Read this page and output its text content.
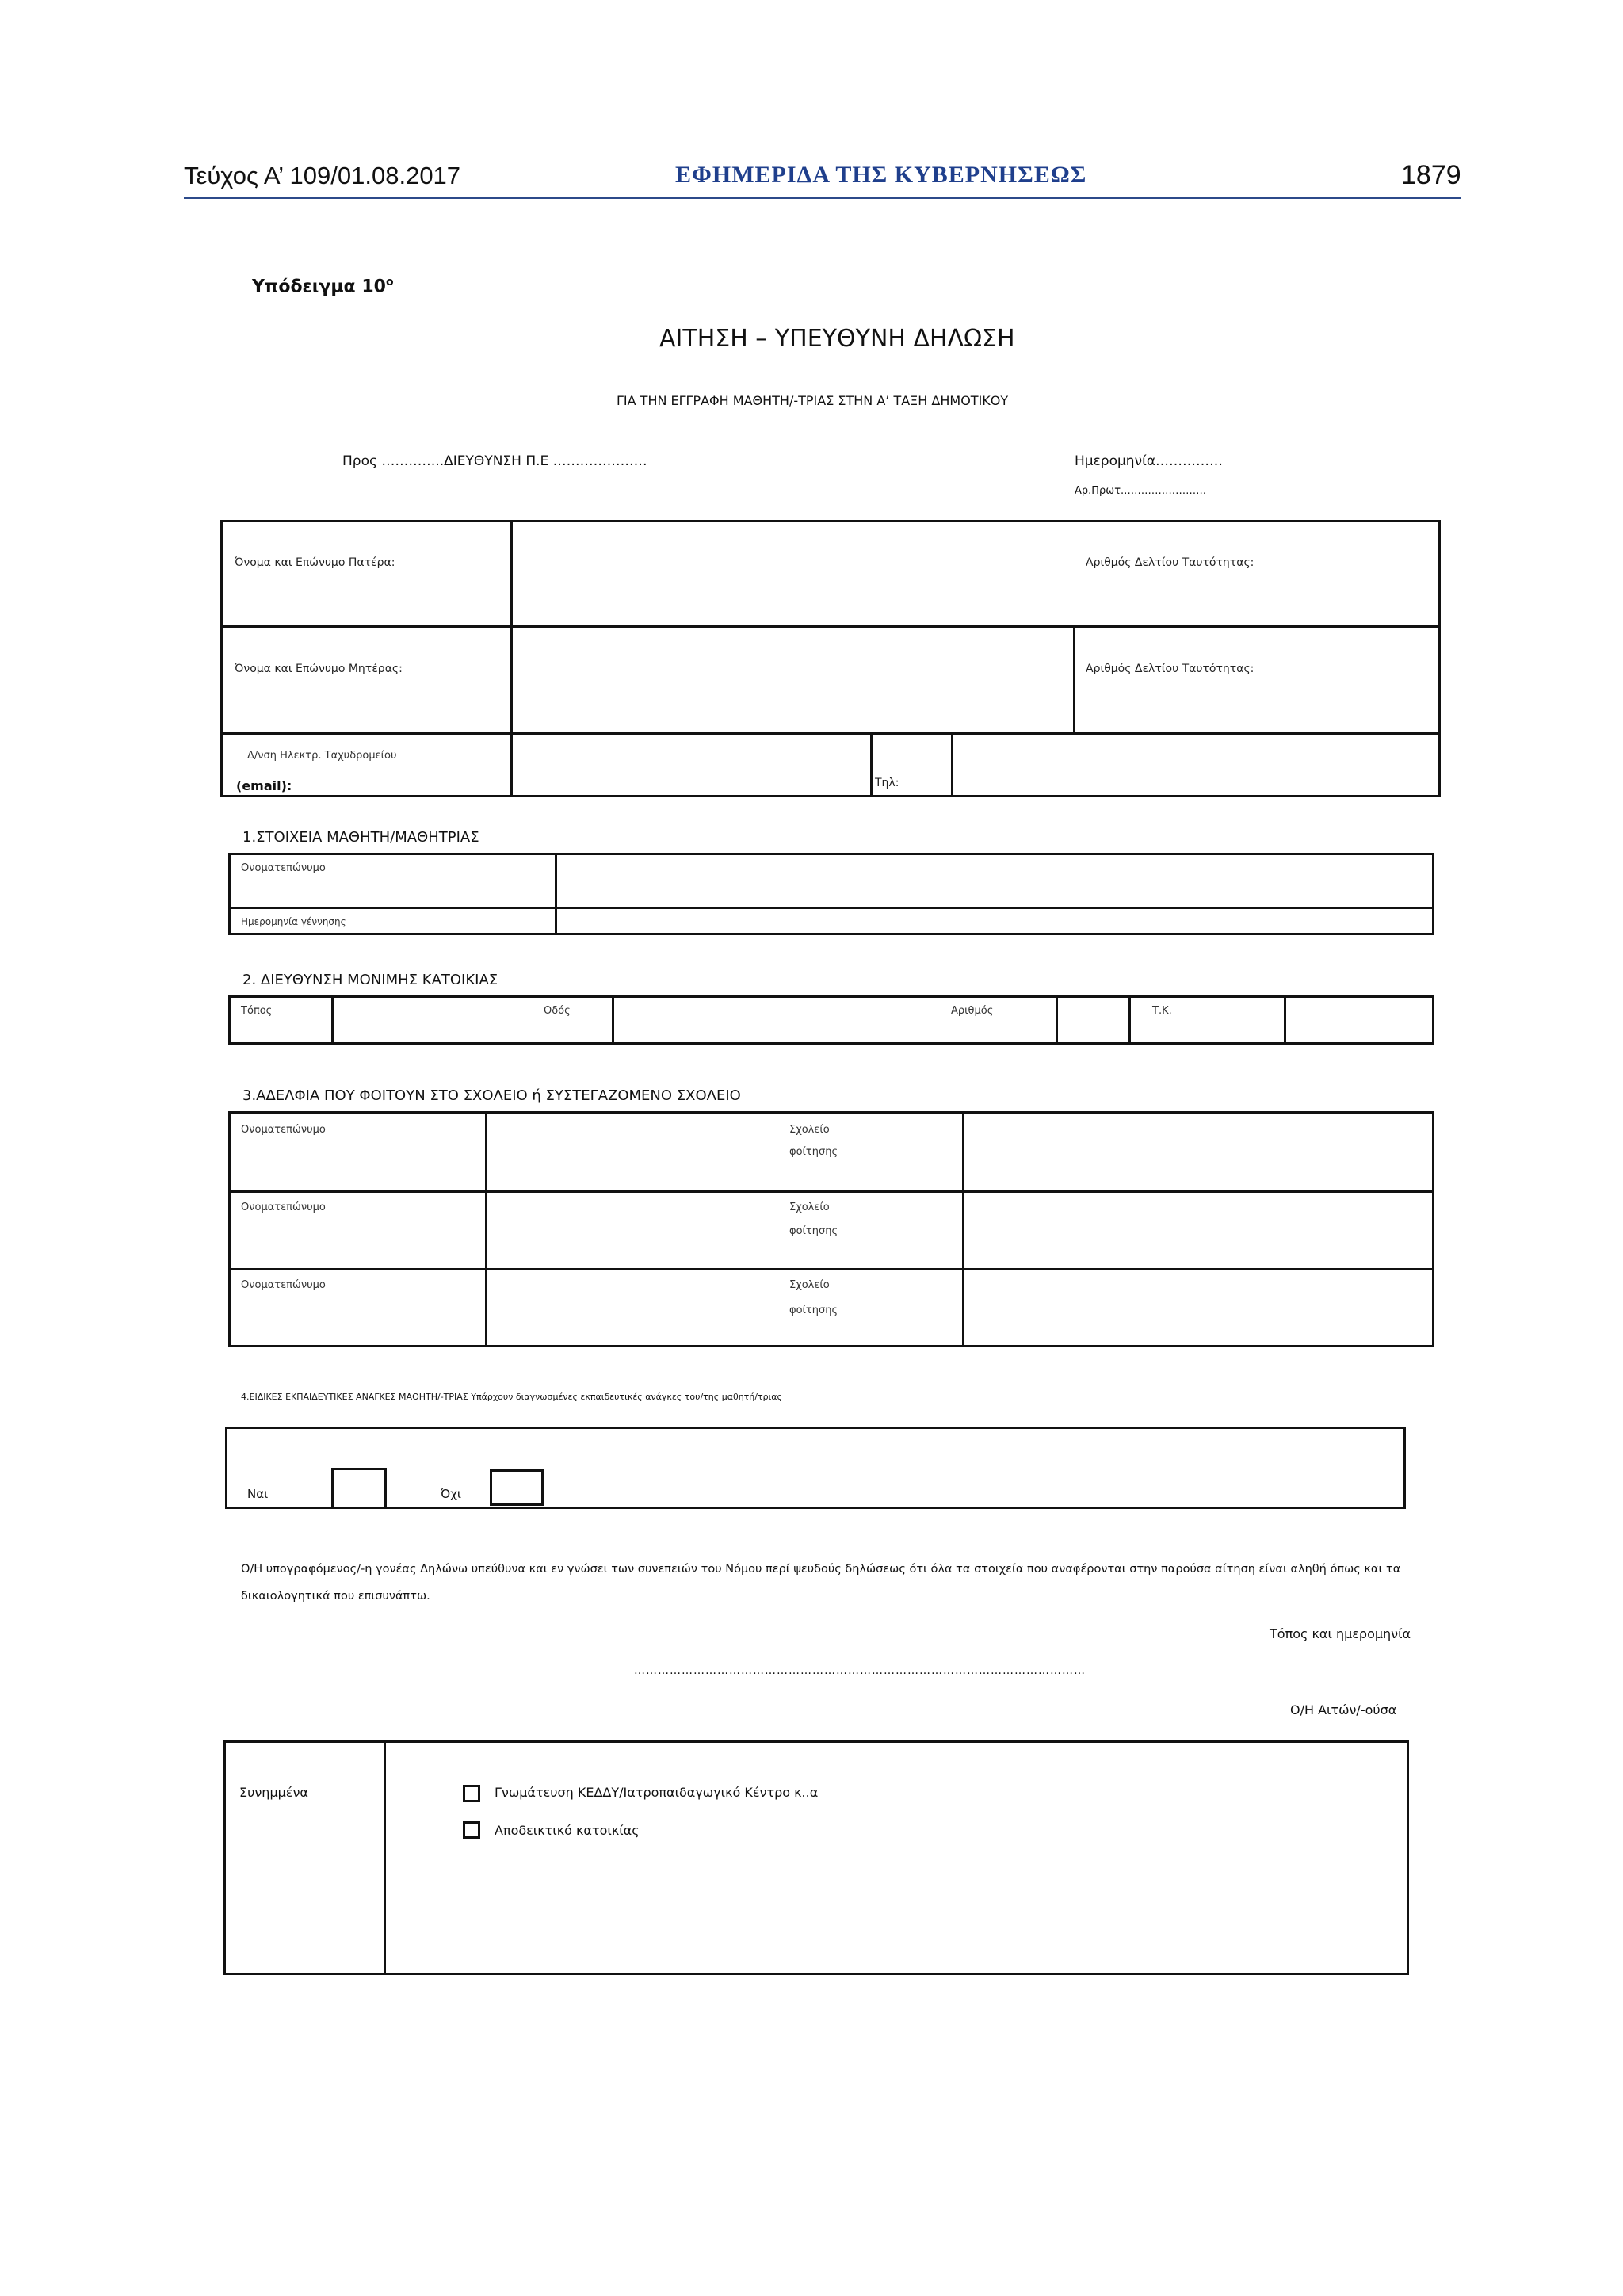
Τεύχος Α’ 109/01.08.2017	ΕΦΗΜΕΡΙΔΑ ΤΗΣ ΚΥΒΕΡΝΗΣΕΩΣ	1879
Υπόδειγμα $10^o$
ΑΙΤΗΣΗ – ΥΠΕΥΘΥΝΗ ΔΗΛΩΣΗ
ΓΙΑ ΤΗΝ ΕΓΓΡΑΦΗ ΜΑΘΗΤΗ/-ΤΡΙΑΣ ΣΤΗΝ Α’ ΤΑΞΗ ΔΗΜΟΤΙΚΟΥ
Προς …………..ΔΙΕΥΘΥΝΣΗ Π.Ε …………………	Ημερομηνία……………
Αρ.Πρωτ.……………………
Όνομα και Επώνυμο Πατέρα:	Αριθμός Δελτίου Ταυτότητας:
Όνομα και Επώνυμο Μητέρας:	Αριθμός Δελτίου Ταυτότητας:
Δ/νση Ηλεκτρ. Ταχυδρομείου
(email):	Τηλ:
1.ΣΤΟΙΧΕΙΑ ΜΑΘΗΤΗ/ΜΑΘΗΤΡΙΑΣ
Ονοματεπώνυμο
Ημερομηνία γέννησης
2. ΔΙΕΥΘΥΝΣΗ ΜΟΝΙΜΗΣ ΚΑΤΟΙΚΙΑΣ
Τόπος	Οδός	Αριθμός	Τ.Κ.
3.ΑΔΕΛΦΙΑ ΠΟΥ ΦΟΙΤΟΥΝ ΣΤΟ ΣΧΟΛΕΙΟ ή ΣΥΣΤΕΓΑΖΟΜΕΝΟ ΣΧΟΛΕΙΟ
Ονοματεπώνυμο	Σχολείο
φοίτησης
Ονοματεπώνυμο	Σχολείο
φοίτησης
Ονοματεπώνυμο	Σχολείο
φοίτησης
4.ΕΙΔΙΚΕΣ ΕΚΠΑΙΔΕΥΤΙΚΕΣ ΑΝΑΓΚΕΣ ΜΑΘΗΤΗ/-ΤΡΙΑΣ Υπάρχουν διαγνωσμένες εκπαιδευτικές ανάγκες του/της μαθητή/τριας
Ναι	Όχι
Ο/Η υπογραφόμενος/-η γονέας Δηλώνω υπεύθυνα και εν γνώσει των συνεπειών του Νόμου περί ψευδούς δηλώσεως ότι όλα τα στοιχεία που αναφέρονται στην παρούσα αίτηση είναι αληθή όπως και τα
δικαιολογητικά που επισυνάπτω.
Τόπος και ημερομηνία
……………………………………………………………………………………………………
Ο/Η Αιτών/-ούσα
Συνημμένα	Γνωμάτευση ΚΕΔΔΥ/Ιατροπαιδαγωγικό Κέντρο κ..α
Αποδεικτικό κατοικίας
